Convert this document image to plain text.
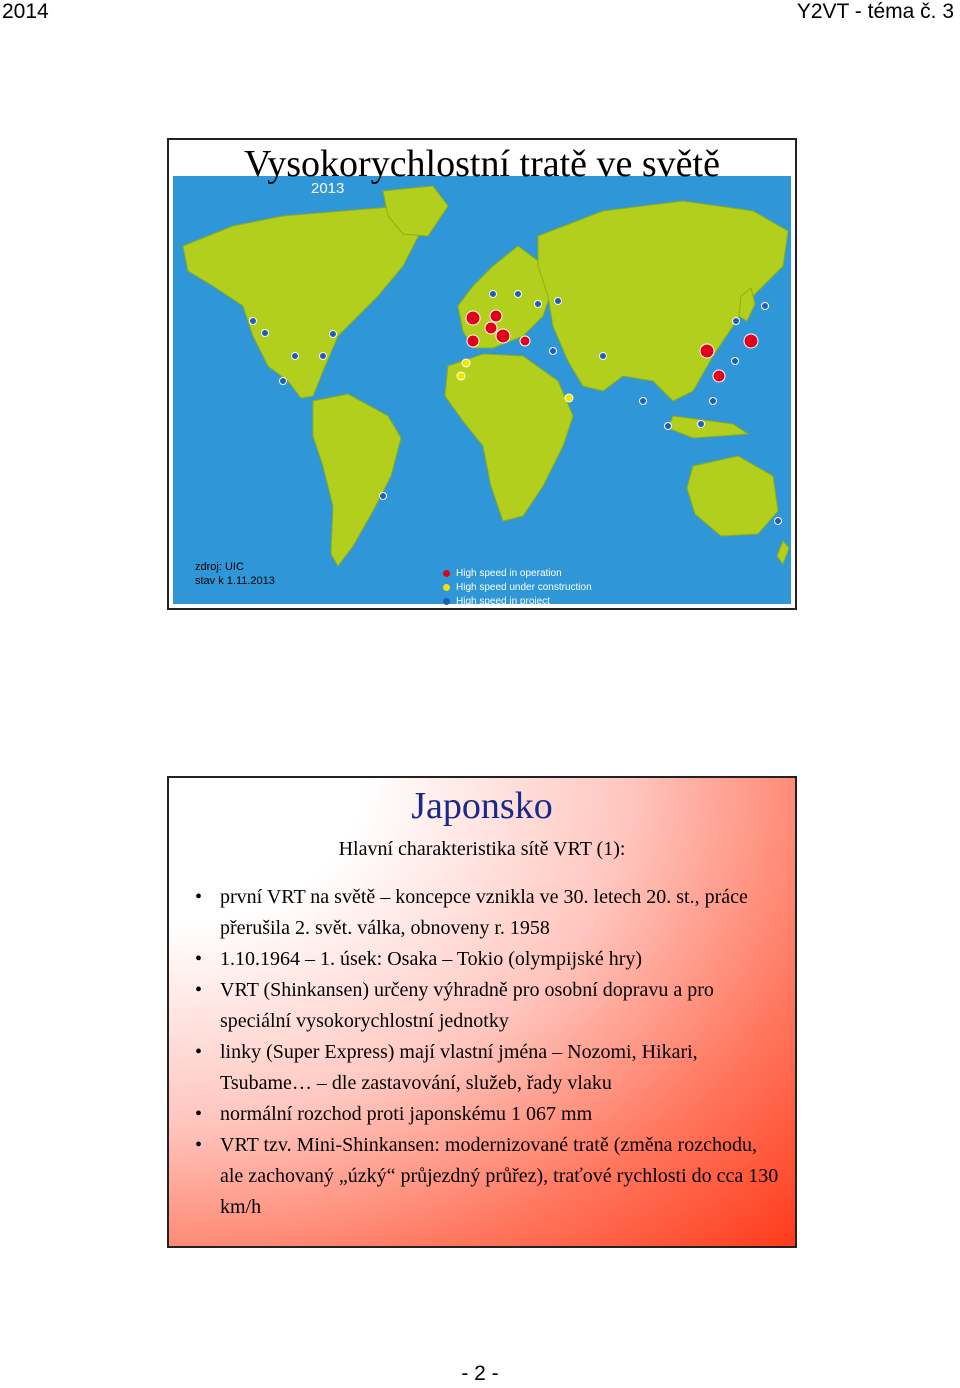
2014	Y2VT - téma č. 3
Vysokorychlostní tratě ve světě
2013
zdroj: UIC
stav k 1.11.2013
High speed in operation
High speed under construction
High speed in project
Japonsko
Hlavní charakteristika sítě VRT (1):
• první VRT na světě – koncepce vznikla ve 30. letech 20. st., práce přerušila 2. svět. válka, obnoveny r. 1958
• 1.10.1964 – 1. úsek: Osaka – Tokio (olympijské hry)
• VRT (Shinkansen) určeny výhradně pro osobní dopravu a pro speciální vysokorychlostní jednotky
• linky (Super Express) mají vlastní jména – Nozomi, Hikari, Tsubame… – dle zastavování, služeb, řady vlaku
• normální rozchod proti japonskému 1 067 mm
• VRT tzv. Mini-Shinkansen: modernizované tratě (změna rozchodu, ale zachovaný „úzký“ průjezdný průřez), traťové rychlosti do cca 130 km/h
- 2 -
